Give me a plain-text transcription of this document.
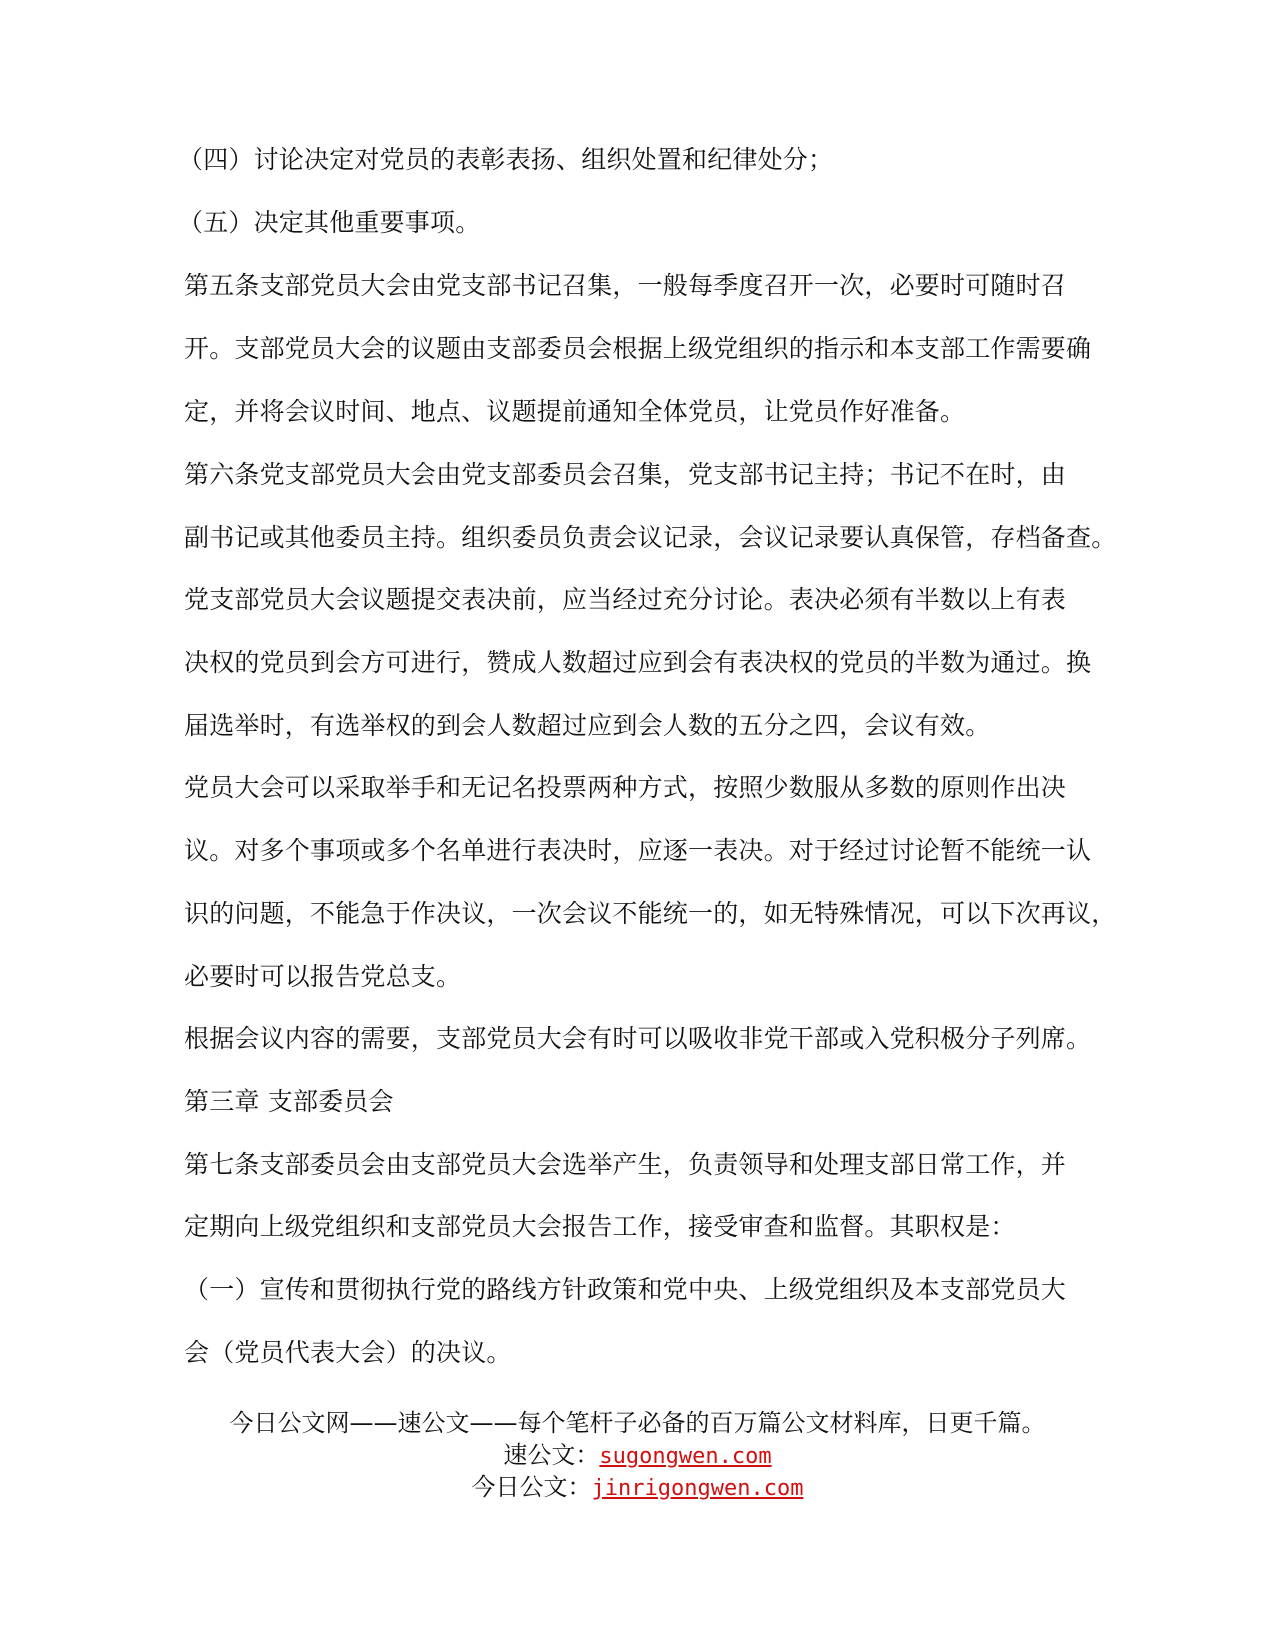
（四）讨论决定对党员的表彰表扬、组织处置和纪律处分；
（五）决定其他重要事项。
第五条支部党员大会由党支部书记召集，一般每季度召开一次，必要时可随时召
开。支部党员大会的议题由支部委员会根据上级党组织的指示和本支部工作需要确
定，并将会议时间、地点、议题提前通知全体党员，让党员作好准备。
第六条党支部党员大会由党支部委员会召集，党支部书记主持；书记不在时，由
副书记或其他委员主持。组织委员负责会议记录，会议记录要认真保管，存档备查。
党支部党员大会议题提交表决前，应当经过充分讨论。表决必须有半数以上有表
决权的党员到会方可进行，赞成人数超过应到会有表决权的党员的半数为通过。换
届选举时，有选举权的到会人数超过应到会人数的五分之四，会议有效。
党员大会可以采取举手和无记名投票两种方式，按照少数服从多数的原则作出决
议。对多个事项或多个名单进行表决时，应逐一表决。对于经过讨论暂不能统一认
识的问题，不能急于作决议，一次会议不能统一的，如无特殊情况，可以下次再议，
必要时可以报告党总支。
根据会议内容的需要，支部党员大会有时可以吸收非党干部或入党积极分子列席。
第三章 支部委员会
第七条支部委员会由支部党员大会选举产生，负责领导和处理支部日常工作，并
定期向上级党组织和支部党员大会报告工作，接受审查和监督。其职权是：
（一）宣传和贯彻执行党的路线方针政策和党中央、上级党组织及本支部党员大
会（党员代表大会）的决议。
今日公文网——速公文——每个笔杆子必备的百万篇公文材料库，日更千篇。
速公文：sugongwen.com
今日公文：jinrigongwen.com
